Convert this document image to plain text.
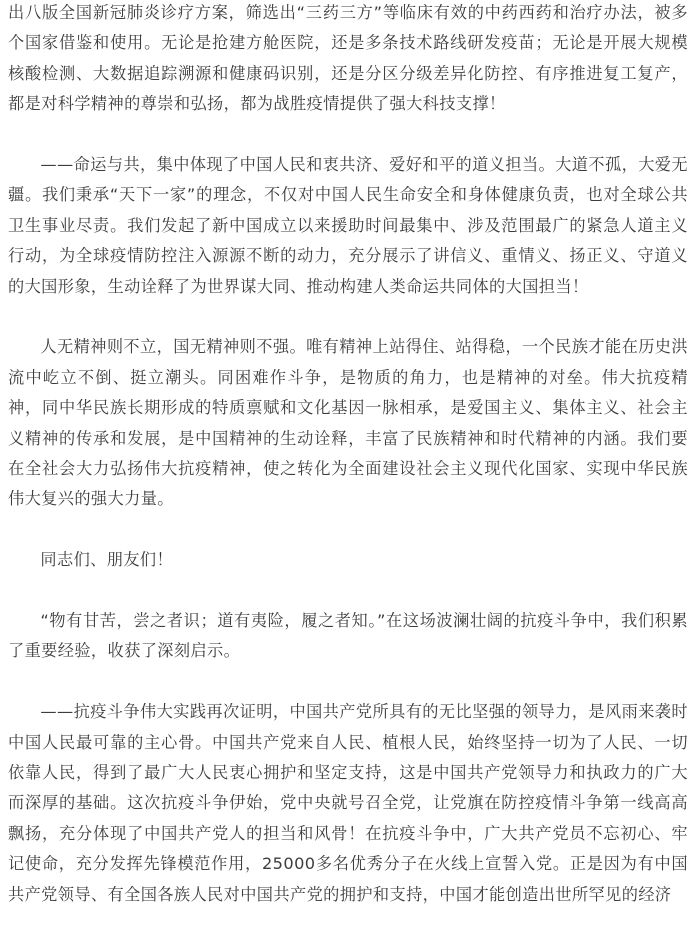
出八版全国新冠肺炎诊疗方案，筛选出“三药三方”等临床有效的中药西药和治疗办法，被多个国家借鉴和使用。无论是抢建方舱医院，还是多条技术路线研发疫苗；无论是开展大规模核酸检测、大数据追踪溯源和健康码识别，还是分区分级差异化防控、有序推进复工复产，都是对科学精神的尊崇和弘扬，都为战胜疫情提供了强大科技支撑！

——命运与共，集中体现了中国人民和衷共济、爱好和平的道义担当。大道不孤，大爱无疆。我们秉承“天下一家”的理念，不仅对中国人民生命安全和身体健康负责，也对全球公共卫生事业尽责。我们发起了新中国成立以来援助时间最集中、涉及范围最广的紧急人道主义行动，为全球疫情防控注入源源不断的动力，充分展示了讲信义、重情义、扬正义、守道义的大国形象，生动诠释了为世界谋大同、推动构建人类命运共同体的大国担当！

人无精神则不立，国无精神则不强。唯有精神上站得住、站得稳，一个民族才能在历史洪流中屹立不倒、挺立潮头。同困难作斗争，是物质的角力，也是精神的对垒。伟大抗疫精神，同中华民族长期形成的特质禀赋和文化基因一脉相承，是爱国主义、集体主义、社会主义精神的传承和发展，是中国精神的生动诠释，丰富了民族精神和时代精神的内涵。我们要在全社会大力弘扬伟大抗疫精神，使之转化为全面建设社会主义现代化国家、实现中华民族伟大复兴的强大力量。

同志们、朋友们！

“物有甘苦，尝之者识；道有夷险，履之者知。”在这场波澜壮阔的抗疫斗争中，我们积累了重要经验，收获了深刻启示。

——抗疫斗争伟大实践再次证明，中国共产党所具有的无比坚强的领导力，是风雨来袭时中国人民最可靠的主心骨。中国共产党来自人民、植根人民，始终坚持一切为了人民、一切依靠人民，得到了最广大人民衷心拥护和坚定支持，这是中国共产党领导力和执政力的广大而深厚的基础。这次抗疫斗争伊始，党中央就号召全党，让党旗在防控疫情斗争第一线高高飘扬，充分体现了中国共产党人的担当和风骨！在抗疫斗争中，广大共产党员不忘初心、牢记使命，充分发挥先锋模范作用，25000多名优秀分子在火线上宣誓入党。正是因为有中国共产党领导、有全国各族人民对中国共产党的拥护和支持，中国才能创造出世所罕见的经济
